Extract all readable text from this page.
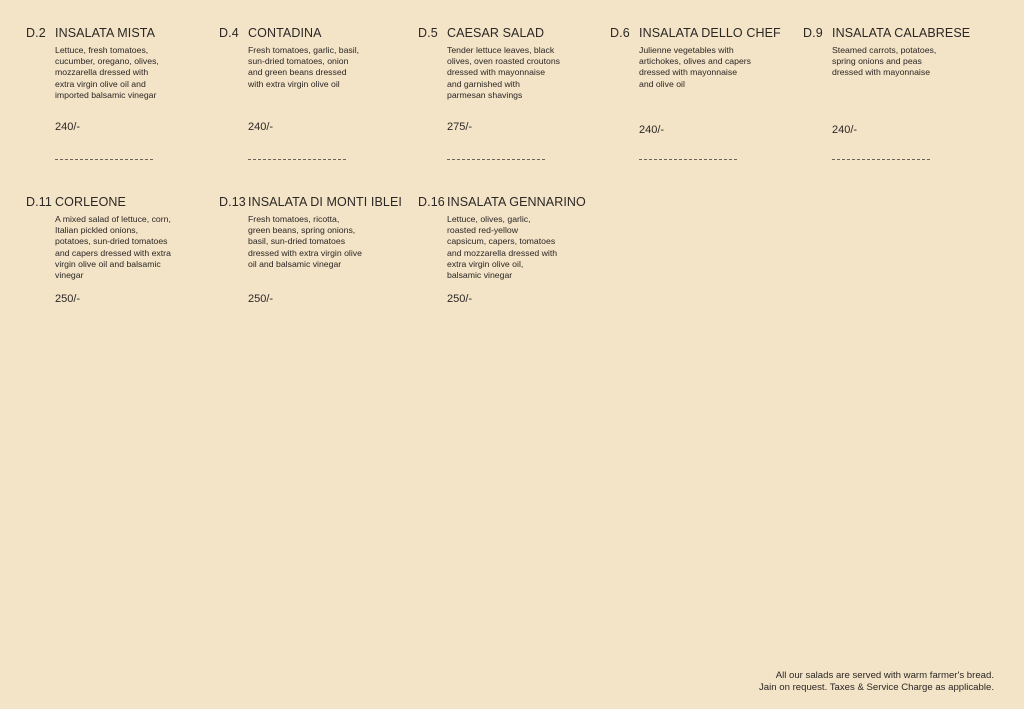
D.2 INSALATA MISTA

Lettuce, fresh tomatoes,
cucumber, oregano, olives,
mozzarella dressed with
extra virgin olive oil and
imported balsamic vinegar

240/-
D.4 CONTADINA

Fresh tomatoes, garlic, basil,
sun-dried tomatoes, onion
and green beans dressed
with extra virgin olive oil

240/-
D.5 CAESAR SALAD

Tender lettuce leaves, black
olives, oven roasted croutons
dressed with mayonnaise
and garnished with
parmesan shavings

275/-
D.6 INSALATA DELLO CHEF

Julienne vegetables with
artichokes, olives and capers
dressed with mayonnaise
and olive oil

240/-
D.9 INSALATA CALABRESE

Steamed carrots, potatoes,
spring onions and peas
dressed with mayonnaise

240/-
D.11 CORLEONE

A mixed salad of lettuce, corn,
Italian pickled onions,
potatoes, sun-dried tomatoes
and capers dressed with extra
virgin olive oil and balsamic
vinegar

250/-
D.13 INSALATA DI MONTI IBLEI

Fresh tomatoes, ricotta,
green beans, spring onions,
basil, sun-dried tomatoes
dressed with extra virgin olive
oil and balsamic vinegar

250/-
D.16 INSALATA GENNARINO

Lettuce, olives, garlic,
roasted red-yellow
capsicum, capers, tomatoes
and mozzarella dressed with
extra virgin olive oil,
balsamic vinegar

250/-
All our salads are served with warm farmer's bread.
Jain on request. Taxes & Service Charge as applicable.
